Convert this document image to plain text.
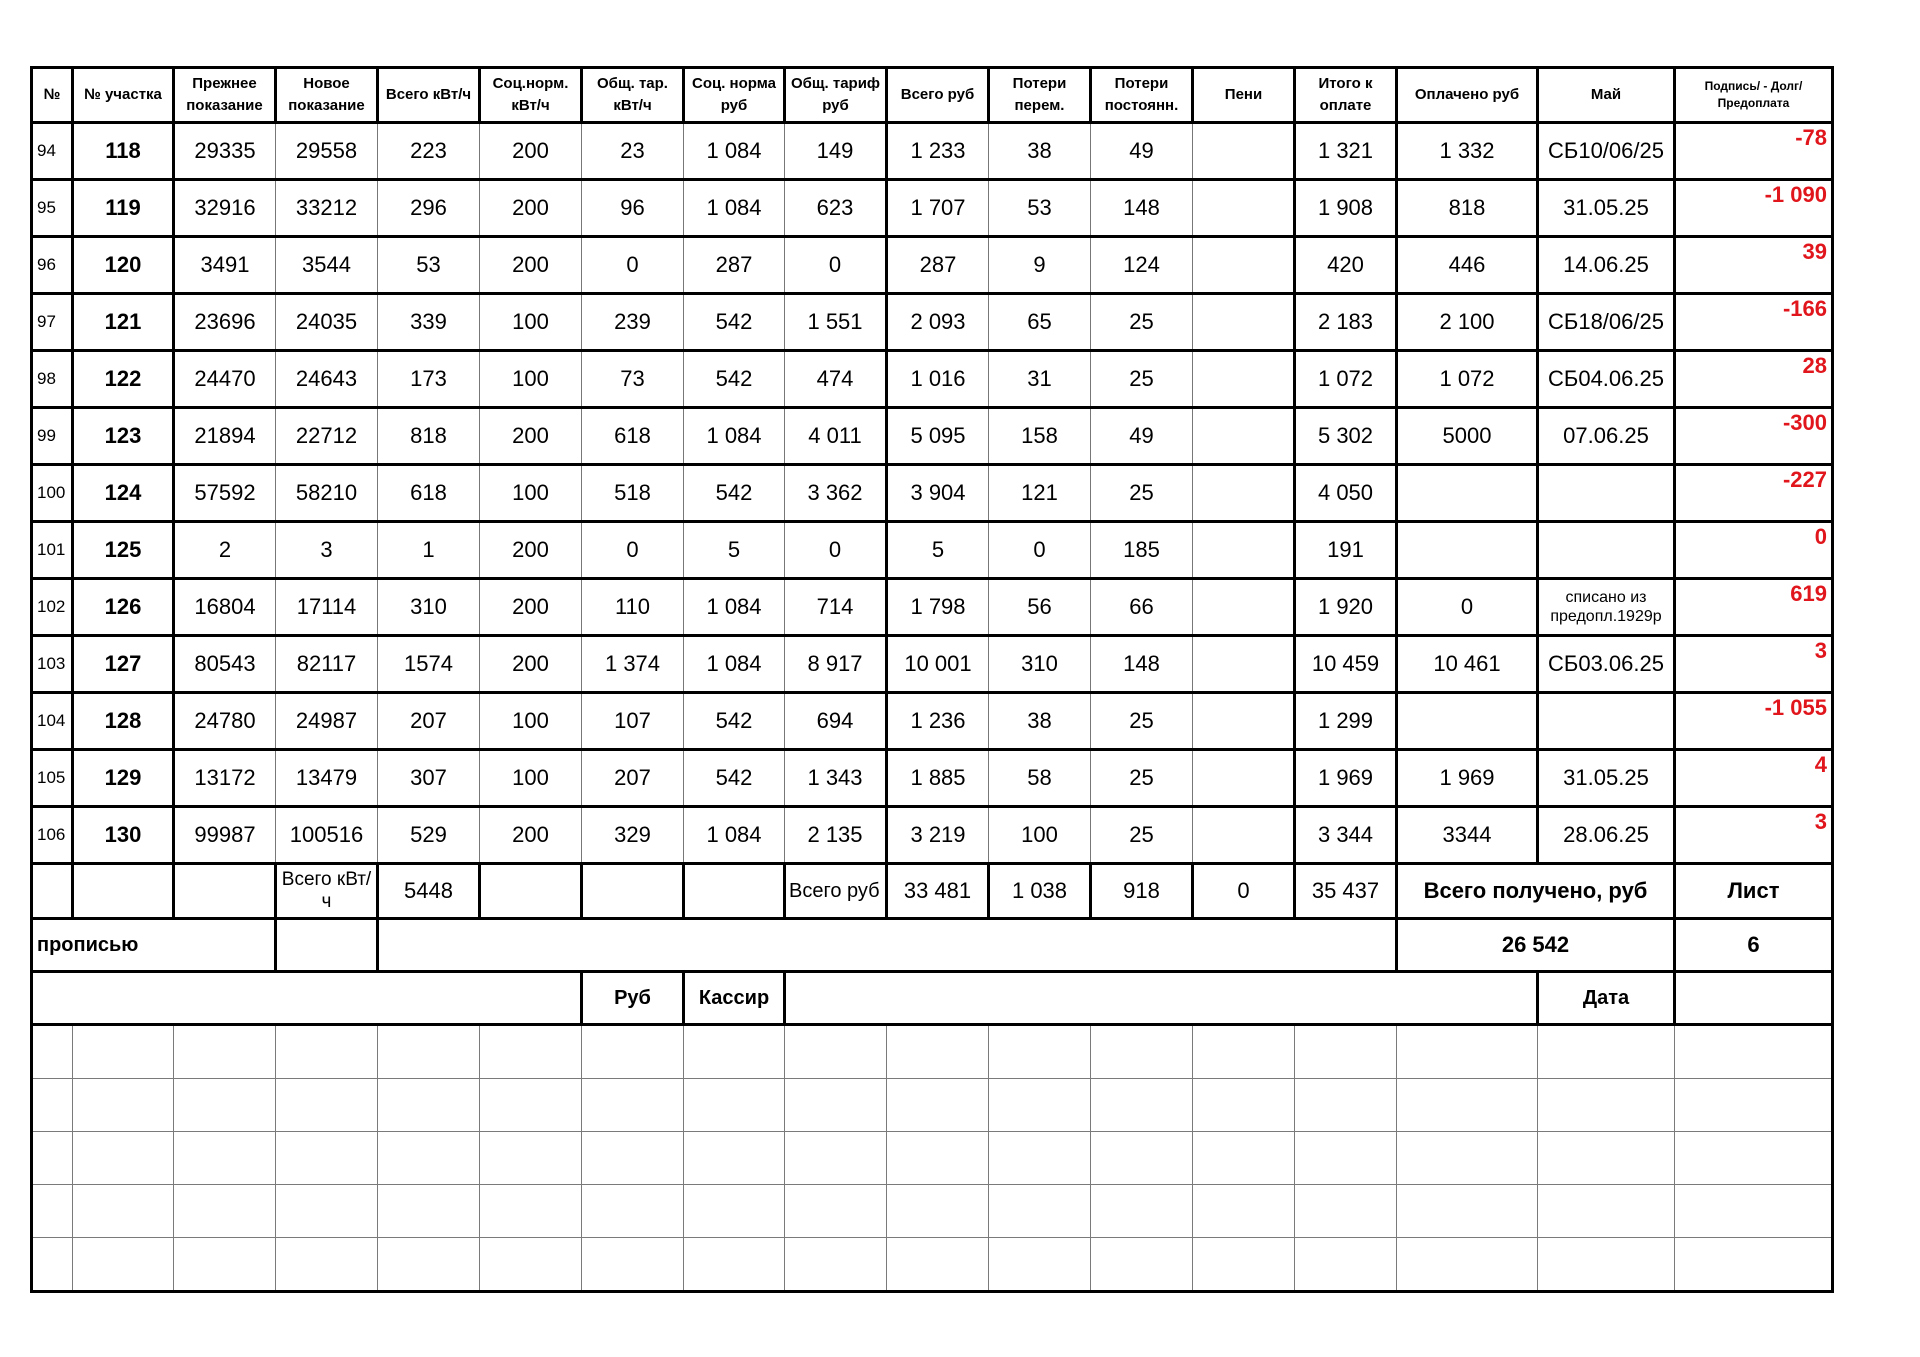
№	№ участка	Прежнее показание	Новое показание	Всего кВт/ч	Соц.норм. кВт/ч	Общ. тар. кВт/ч	Соц. норма руб	Общ. тариф руб	Всего руб	Потери перем.	Потери постоянн.	Пени	Итого к оплате	Оплачено руб	Май	Подпись/ - Долг/Предоплата
94	118	29335	29558	223	200	23	1 084	149	1 233	38	49		1 321	1 332	СБ10/06/25	-78
95	119	32916	33212	296	200	96	1 084	623	1 707	53	148		1 908	818	31.05.25	-1 090
96	120	3491	3544	53	200	0	287	0	287	9	124		420	446	14.06.25	39
97	121	23696	24035	339	100	239	542	1 551	2 093	65	25		2 183	2 100	СБ18/06/25	-166
98	122	24470	24643	173	100	73	542	474	1 016	31	25		1 072	1 072	СБ04.06.25	28
99	123	21894	22712	818	200	618	1 084	4 011	5 095	158	49		5 302	5000	07.06.25	-300
100	124	57592	58210	618	100	518	542	3 362	3 904	121	25		4 050			-227
101	125	2	3	1	200	0	5	0	5	0	185		191			0
102	126	16804	17114	310	200	110	1 084	714	1 798	56	66		1 920	0	списано из предопл.1929р	619
103	127	80543	82117	1574	200	1 374	1 084	8 917	10 001	310	148		10 459	10 461	СБ03.06.25	3
104	128	24780	24987	207	100	107	542	694	1 236	38	25		1 299			-1 055
105	129	13172	13479	307	100	207	542	1 343	1 885	58	25		1 969	1 969	31.05.25	4
106	130	99987	100516	529	200	329	1 084	2 135	3 219	100	25		3 344	3344	28.06.25	3
			Всего кВт/ч	5448				Всего руб	33 481	1 038	918	0	35 437	Всего получено, руб		Лист
прописью														26 542		6
						Руб	Кассир								Дата	
